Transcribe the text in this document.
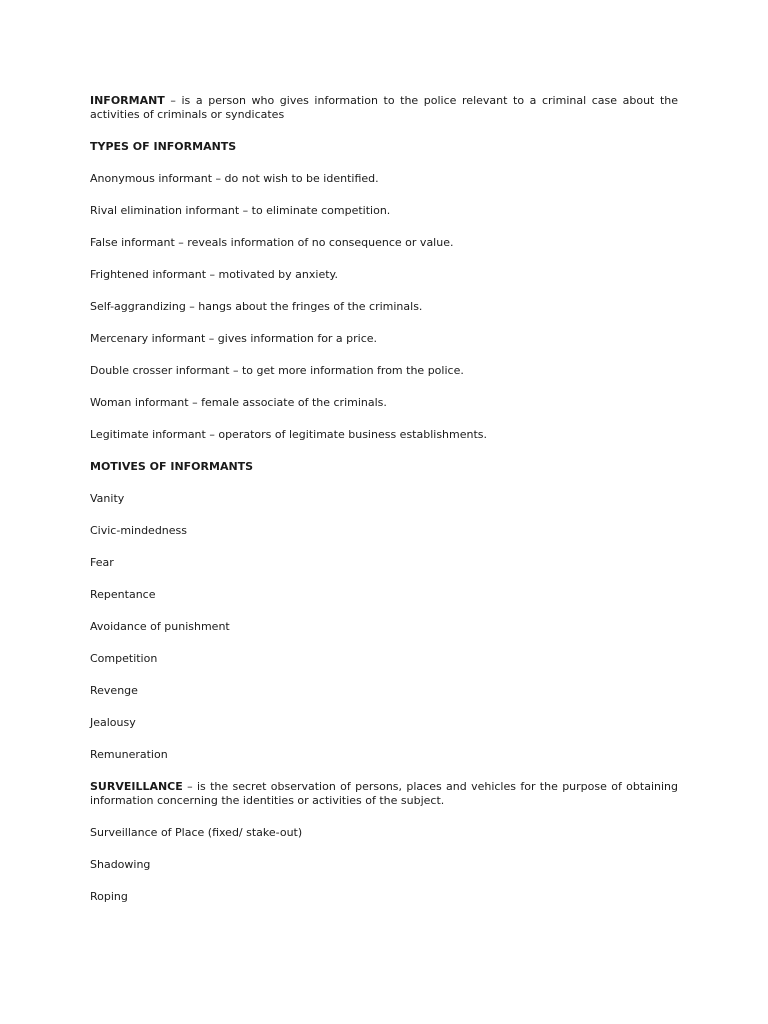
INFORMANT – is a person who gives information to the police relevant to a criminal case about the activities of criminals or syndicates

TYPES OF INFORMANTS

Anonymous informant – do not wish to be identified.

Rival elimination informant – to eliminate competition.

False informant – reveals information of no consequence or value.

Frightened informant – motivated by anxiety.

Self-aggrandizing – hangs about the fringes of the criminals.

Mercenary informant – gives information for a price.

Double crosser informant – to get more information from the police.

Woman informant – female associate of the criminals.

Legitimate informant – operators of legitimate business establishments.

MOTIVES OF INFORMANTS

Vanity

Civic-mindedness

Fear

Repentance

Avoidance of punishment

Competition

Revenge

Jealousy

Remuneration

SURVEILLANCE – is the secret observation of persons, places and vehicles for the purpose of obtaining information concerning the identities or activities of the subject.

Surveillance of Place (fixed/ stake-out)

Shadowing

Roping
